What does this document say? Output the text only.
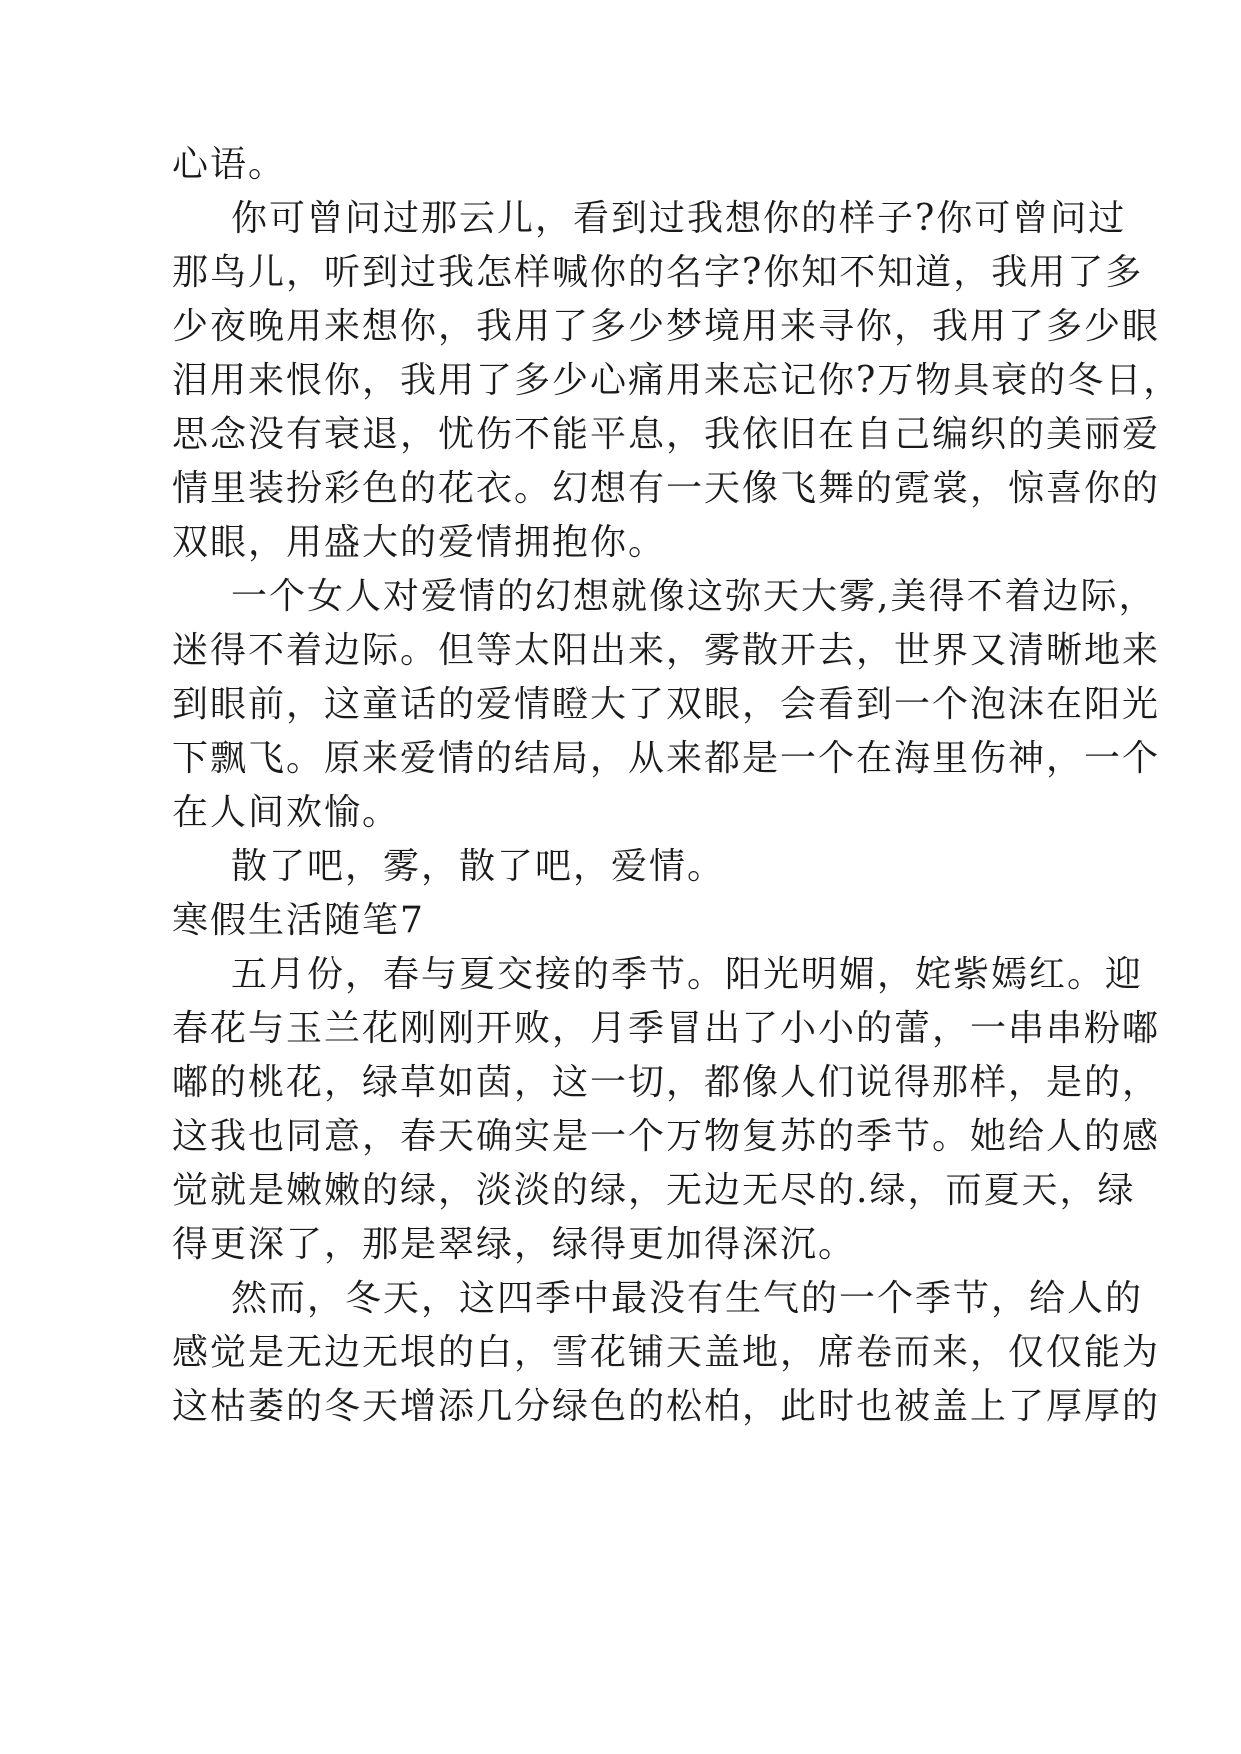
心语。
你可曾问过那云儿，看到过我想你的样子?你可曾问过
那鸟儿，听到过我怎样喊你的名字?你知不知道，我用了多
少夜晚用来想你，我用了多少梦境用来寻你，我用了多少眼
泪用来恨你，我用了多少心痛用来忘记你?万物具衰的冬日，
思念没有衰退，忧伤不能平息，我依旧在自己编织的美丽爱
情里装扮彩色的花衣。幻想有一天像飞舞的霓裳，惊喜你的
双眼，用盛大的爱情拥抱你。
一个女人对爱情的幻想就像这弥天大雾,美得不着边际，
迷得不着边际。但等太阳出来，雾散开去，世界又清晰地来
到眼前，这童话的爱情瞪大了双眼，会看到一个泡沫在阳光
下飘飞。原来爱情的结局，从来都是一个在海里伤神，一个
在人间欢愉。
散了吧，雾，散了吧，爱情。
寒假生活随笔7
五月份，春与夏交接的季节。阳光明媚，姹紫嫣红。迎
春花与玉兰花刚刚开败，月季冒出了小小的蕾，一串串粉嘟
嘟的桃花，绿草如茵，这一切，都像人们说得那样，是的，
这我也同意，春天确实是一个万物复苏的季节。她给人的感
觉就是嫩嫩的绿，淡淡的绿，无边无尽的.绿，而夏天，绿
得更深了，那是翠绿，绿得更加得深沉。
然而，冬天，这四季中最没有生气的一个季节，给人的
感觉是无边无垠的白，雪花铺天盖地，席卷而来，仅仅能为
这枯萎的冬天增添几分绿色的松柏，此时也被盖上了厚厚的
